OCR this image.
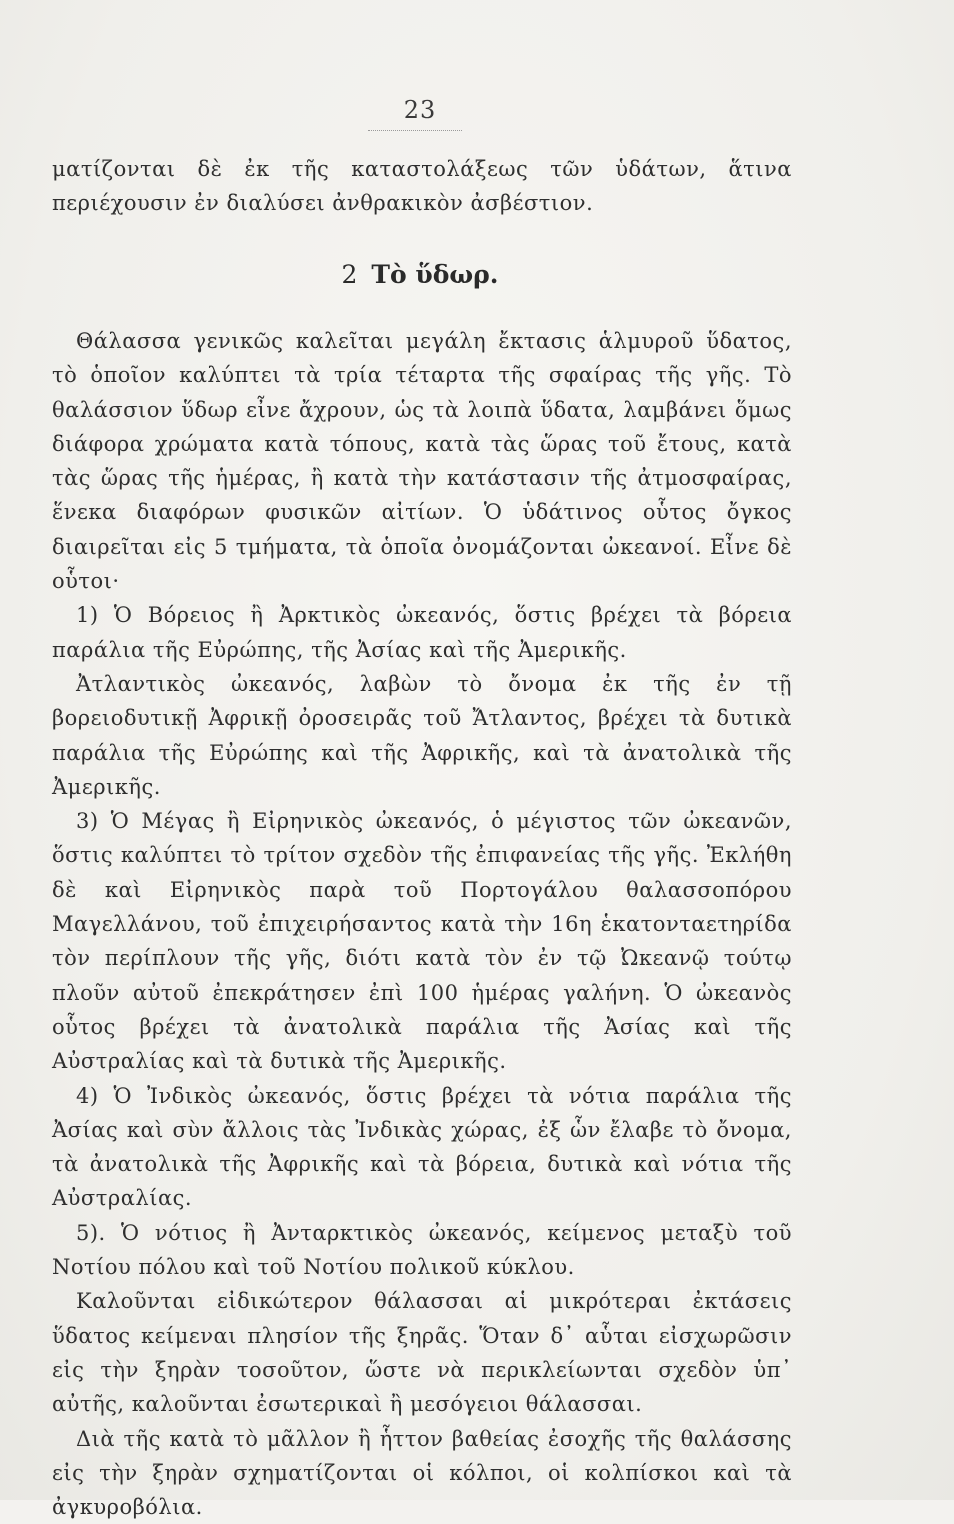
23

ματίζονται δὲ ἐκ τῆς καταστολάξεως τῶν ὑδάτων, ἅτινα περιέχουσιν ἐν διαλύσει ἀνθρακικὸν ἀσβέστιον.

2 Τὸ ὕδωρ.

Θάλασσα γενικῶς καλεῖται μεγάλη ἔκτασις ἁλμυροῦ ὕδατος, τὸ ὁποῖον καλύπτει τὰ τρία τέταρτα τῆς σφαίρας τῆς γῆς. Τὸ θαλάσσιον ὕδωρ εἶνε ἄχρουν, ὡς τὰ λοιπὰ ὕδατα, λαμβάνει ὅμως διάφορα χρώματα κατὰ τόπους, κατὰ τὰς ὥρας τοῦ ἔτους, κατὰ τὰς ὥρας τῆς ἡμέρας, ἢ κατὰ τὴν κατάστασιν τῆς ἀτμοσφαίρας, ἕνεκα διαφόρων φυσικῶν αἰτίων. Ὁ ὑδάτινος οὗτος ὄγκος διαιρεῖται εἰς 5 τμήματα, τὰ ὁποῖα ὀνομάζονται ὠκεανοί. Εἶνε δὲ οὗτοι·

1) Ὁ Βόρειος ἢ Ἀρκτικὸς ὠκεανός, ὅστις βρέχει τὰ βόρεια παράλια τῆς Εὐρώπης, τῆς Ἀσίας καὶ τῆς Ἀμερικῆς.

Ἀτλαντικὸς ὠκεανός, λαβὼν τὸ ὄνομα ἐκ τῆς ἐν τῇ βορειοδυτικῇ Ἀφρικῇ ὀροσειρᾶς τοῦ Ἄτλαντος, βρέχει τὰ δυτικὰ παράλια τῆς Εὐρώπης καὶ τῆς Ἀφρικῆς, καὶ τὰ ἀνατολικὰ τῆς Ἀμερικῆς.

3) Ὁ Μέγας ἢ Εἰρηνικὸς ὠκεανός, ὁ μέγιστος τῶν ὠκεανῶν, ὅστις καλύπτει τὸ τρίτον σχεδὸν τῆς ἐπιφανείας τῆς γῆς. Ἐκλήθη δὲ καὶ Εἰρηνικὸς παρὰ τοῦ Πορτογάλου θαλασσοπόρου Μαγελλάνου, τοῦ ἐπιχειρήσαντος κατὰ τὴν 16η ἑκατονταετηρίδα τὸν περίπλουν τῆς γῆς, διότι κατὰ τὸν ἐν τῷ Ὠκεανῷ τούτῳ πλοῦν αὐτοῦ ἐπεκράτησεν ἐπὶ 100 ἡμέρας γαλήνη. Ὁ ὠκεανὸς οὗτος βρέχει τὰ ἀνατολικὰ παράλια τῆς Ἀσίας καὶ τῆς Αὐστραλίας καὶ τὰ δυτικὰ τῆς Ἀμερικῆς.

4) Ὁ Ἰνδικὸς ὠκεανός, ὅστις βρέχει τὰ νότια παράλια τῆς Ἀσίας καὶ σὺν ἄλλοις τὰς Ἰνδικὰς χώρας, ἐξ ὧν ἔλαβε τὸ ὄνομα, τὰ ἀνατολικὰ τῆς Ἀφρικῆς καὶ τὰ βόρεια, δυτικὰ καὶ νότια τῆς Αὐστραλίας.

5). Ὁ νότιος ἢ Ἀνταρκτικὸς ὠκεανός, κείμενος μεταξὺ τοῦ Νοτίου πόλου καὶ τοῦ Νοτίου πολικοῦ κύκλου.

Καλοῦνται εἰδικώτερον θάλασσαι αἱ μικρότεραι ἐκτάσεις ὕδατος κείμεναι πλησίον τῆς ξηρᾶς. Ὅταν δ᾽ αὗται εἰσχωρῶσιν εἰς τὴν ξηρὰν τοσοῦτον, ὥστε νὰ περικλείωνται σχεδὸν ὑπ᾽ αὐτῆς, καλοῦνται ἐσωτερικαὶ ἢ μεσόγειοι θάλασσαι.

Διὰ τῆς κατὰ τὸ μᾶλλον ἢ ἧττον βαθείας ἐσοχῆς τῆς θαλάσσης εἰς τὴν ξηρὰν σχηματίζονται οἱ κόλποι, οἱ κολπίσκοι καὶ τὰ ἀγκυροβόλια.
